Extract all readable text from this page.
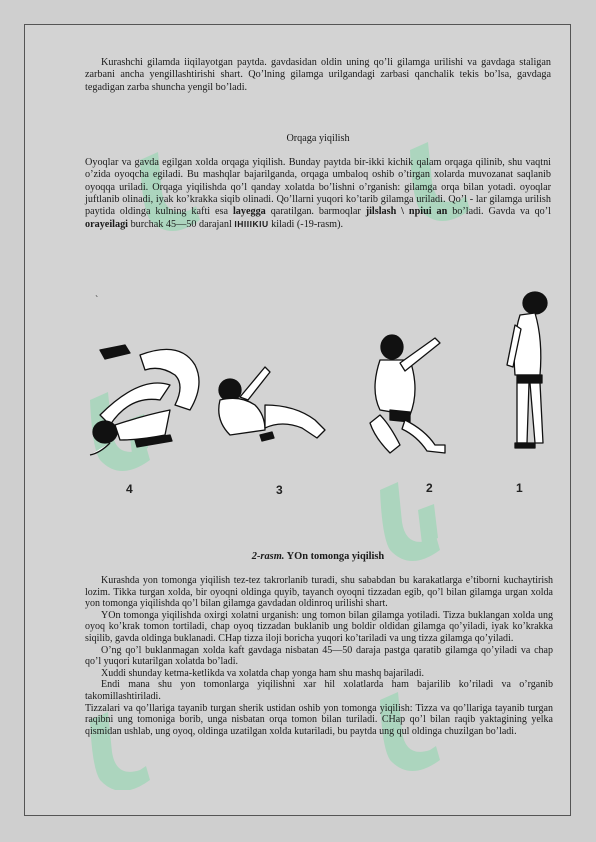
Kurashchi gilamda iiqilayotgan paytda. gavdasidan oldin uning qo’li gilamga urilishi va gavdaga staligan zarbani ancha yengillashtirishi shart. Qo’lning gilamga urilgandagi zarbasi qanchalik tekis bo’lsa, gavdaga tegadigan zarba shuncha yengil bo’ladi.

Orqaga yiqilish

Oyoqlar va gavda egilgan xolda orqaga yiqilish. Bunday paytda bir-ikki kichik qalam orqaga qilinib, shu vaqtni o’zida oyoqcha egiladi. Bu mashqlar bajarilganda, orqaga umbaloq oshib o’tirgan xolarda muvozanat saqlanib oyoqqa uriladi. Orqaga yiqilishda qo’l qanday xolatda bo’lishni o’rganish: gilamga orqa bilan yotadi. oyoqlar juftlanib olinadi, iyak ko’krakka siqib olinadi. Qo’llarni yuqori ko’tarib gilamga uriladi. Qo’l - lar gilamga urilish paytida oldinga kulning kafti esa layegga qaratilgan. barmoqlar jilslash \ npiui an bo’ladi. Gavda va qo’l orayeilagi burchak 45—50 darajanl IHIIIKIU kiladi (-19-rasm).

`
4	3	2	1

2-rasm. YOn tomonga yiqilish

Kurashda yon tomonga yiqilish tez-tez takrorlanib turadi, shu sababdan bu karakatlarga e’tiborni kuchaytirish lozim. Tikka turgan xolda, bir oyoqni oldinga quyib, tayanch oyoqni tizzadan egib, qo’l bilan gilamga urgan xolda yon tomonga yiqilishda qo’l bilan gilamga gavdadan oldinroq urilishi shart.

YOn tomonga yiqilishda oxirgi xolatni urganish: ung tomon bilan gilamga yotiladi. Tizza buklangan xolda ung oyoq ko’krak tomon tortiladi, chap oyoq tizzadan buklanib ung boldir oldidan gilamga qo’yiladi, iyak ko’krakka siqilib, gavda oldinga buklanadi. CHap tizza iloji boricha yuqori ko’tariladi va ung tizza gilamga qo’yiladi.

O’ng qo’l buklanmagan xolda kaft gavdaga nisbatan 45—50 daraja pastga qaratib gilamga qo’yiladi va chap qo’l yuqori kutarilgan xolatda bo’ladi.

Xuddi shunday ketma-ketlikda va xolatda chap yonga ham shu mashq bajariladi.

Endi mana shu yon tomonlarga yiqilishni xar hil xolatlarda ham bajarilib ko’riladi va o’rganib takomillashtiriladi.

Tizzalari va qo’llariga tayanib turgan sherik ustidan oshib yon tomonga yiqilish: Tizza va qo’llariga tayanib turgan raqibni ung tomoniga borib, unga nisbatan orqa tomon bilan turiladi. CHap qo’l bilan raqib yaktagining yelka qismidan ushlab, ung oyoq, oldinga uzatilgan xolda kutariladi, bu paytda ung qul oldinga chuzilgan bo’ladi.
